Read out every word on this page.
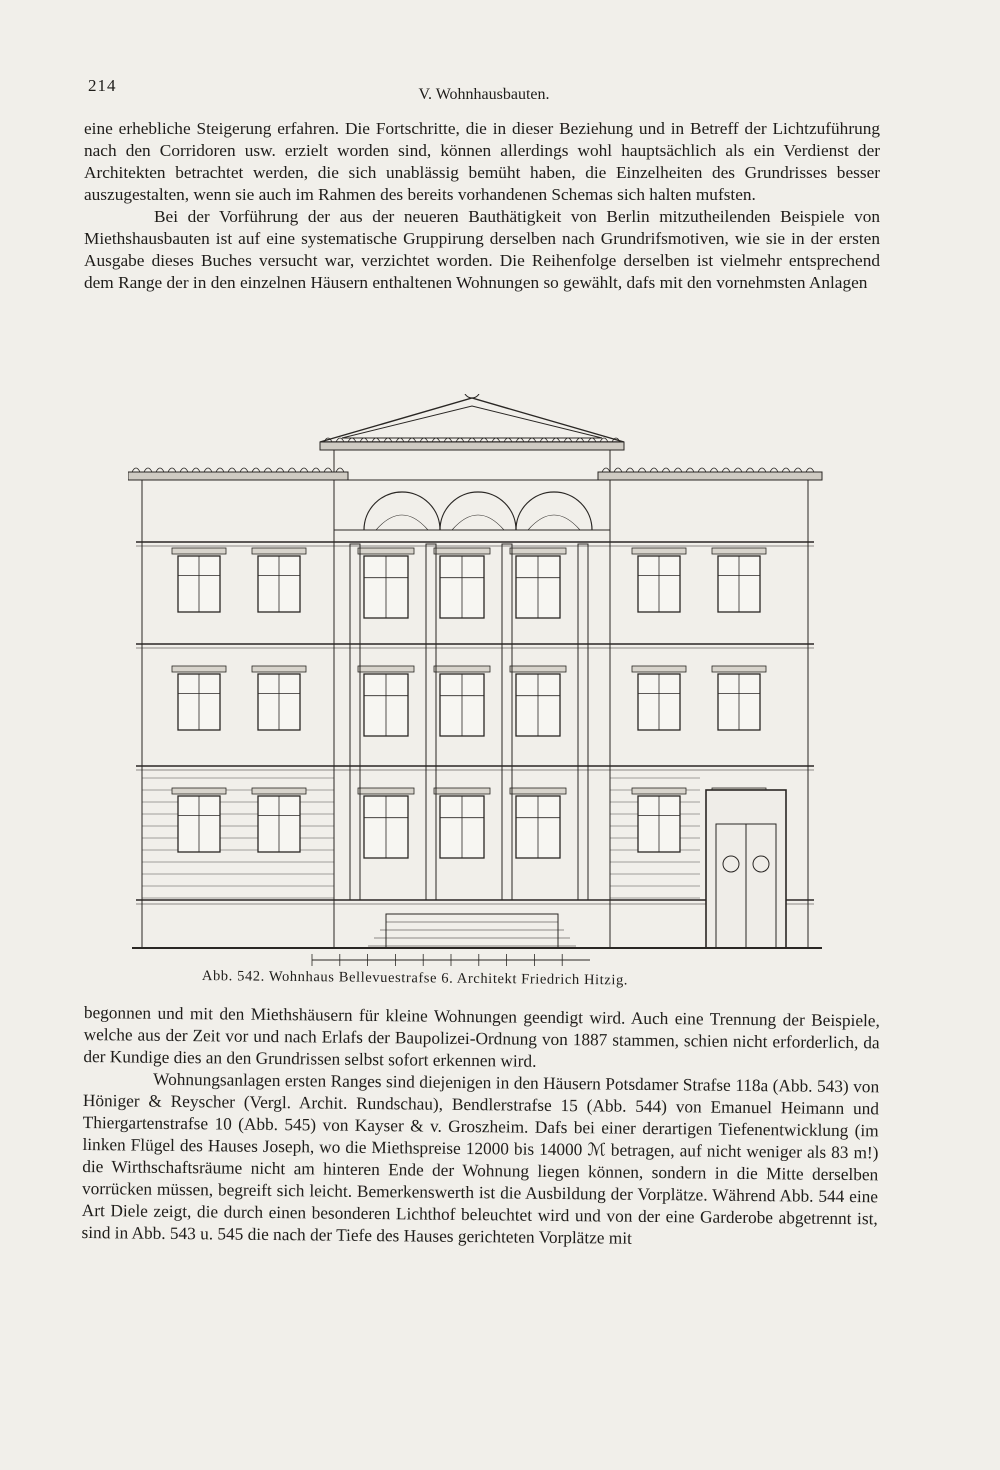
214	V. Wohnhausbauten.

eine erhebliche Steigerung erfahren. Die Fortschritte, die in dieser Beziehung und in Betreff der Lichtzuführung nach den Corridoren usw. erzielt worden sind, können allerdings wohl hauptsächlich als ein Verdienst der Architekten betrachtet werden, die sich unablässig bemüht haben, die Einzelheiten des Grundrisses besser auszugestalten, wenn sie auch im Rahmen des bereits vorhandenen Schemas sich halten mufsten.

Bei der Vorführung der aus der neueren Bauthätigkeit von Berlin mitzutheilenden Beispiele von Miethshausbauten ist auf eine systematische Gruppirung derselben nach Grundrifsmotiven, wie sie in der ersten Ausgabe dieses Buches versucht war, verzichtet worden. Die Reihenfolge derselben ist vielmehr entsprechend dem Range der in den einzelnen Häusern enthaltenen Wohnungen so gewählt, dafs mit den vornehmsten Anlagen

Abb. 542. Wohnhaus Bellevuestrafse 6. Architekt Friedrich Hitzig.

begonnen und mit den Miethshäusern für kleine Wohnungen geendigt wird. Auch eine Trennung der Beispiele, welche aus der Zeit vor und nach Erlafs der Baupolizei-Ordnung von 1887 stammen, schien nicht erforderlich, da der Kundige dies an den Grundrissen selbst sofort erkennen wird.

Wohnungsanlagen ersten Ranges sind diejenigen in den Häusern Potsdamer Strafse 118a (Abb. 543) von Höniger & Reyscher (Vergl. Archit. Rundschau), Bendlerstrafse 15 (Abb. 544) von Emanuel Heimann und Thiergartenstrafse 10 (Abb. 545) von Kayser & v. Groszheim. Dafs bei einer derartigen Tiefenentwicklung (im linken Flügel des Hauses Joseph, wo die Miethspreise 12000 bis 14000 ℳ betragen, auf nicht weniger als 83 m!) die Wirthschaftsräume nicht am hinteren Ende der Wohnung liegen können, sondern in die Mitte derselben vorrücken müssen, begreift sich leicht. Bemerkenswerth ist die Ausbildung der Vorplätze. Während Abb. 544 eine Art Diele zeigt, die durch einen besonderen Lichthof beleuchtet wird und von der eine Garderobe abgetrennt ist, sind in Abb. 543 u. 545 die nach der Tiefe des Hauses gerichteten Vorplätze mit
